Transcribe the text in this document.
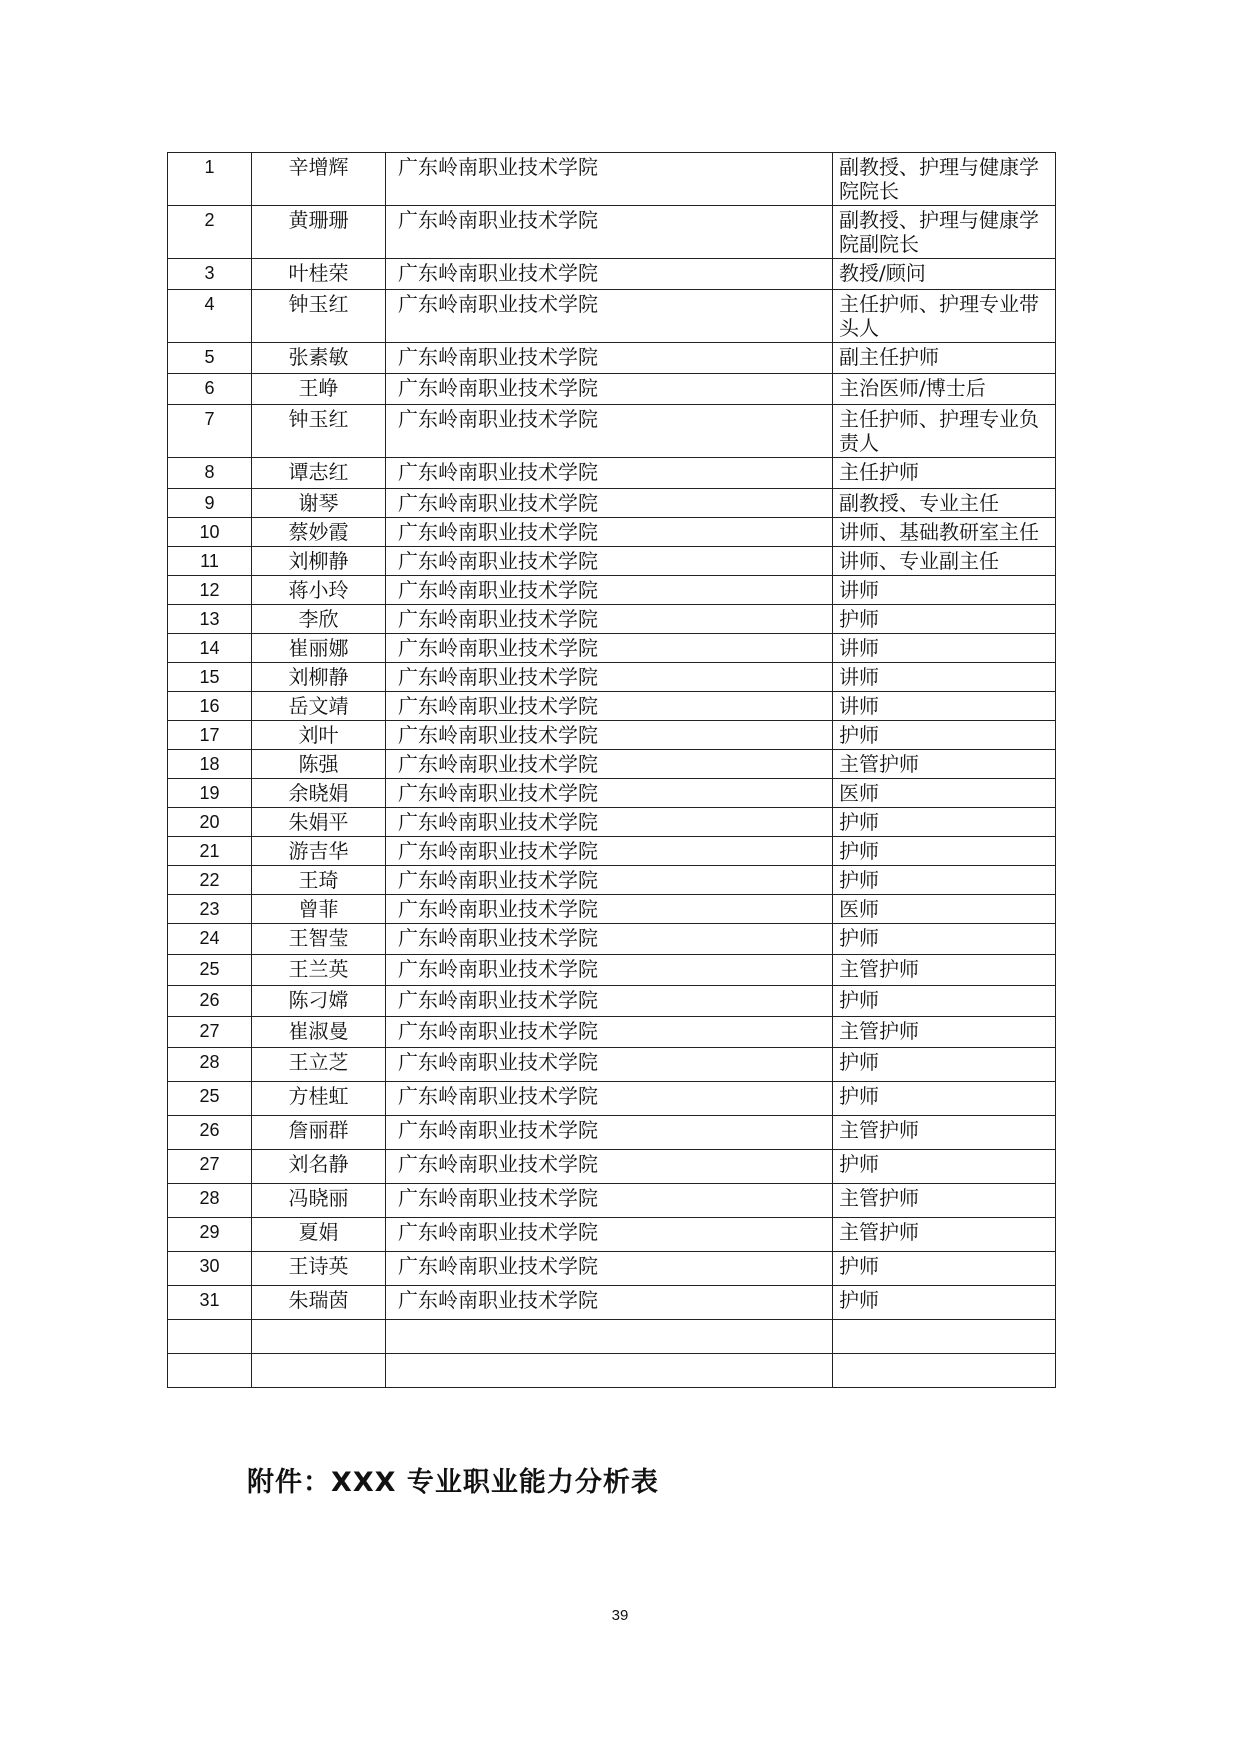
1	辛增辉	广东岭南职业技术学院	副教授、护理与健康学院院长
2	黄珊珊	广东岭南职业技术学院	副教授、护理与健康学院副院长
3	叶桂荣	广东岭南职业技术学院	教授/顾问
4	钟玉红	广东岭南职业技术学院	主任护师、护理专业带头人
5	张素敏	广东岭南职业技术学院	副主任护师
6	王峥	广东岭南职业技术学院	主治医师/博士后
7	钟玉红	广东岭南职业技术学院	主任护师、护理专业负责人
8	谭志红	广东岭南职业技术学院	主任护师
9	谢琴	广东岭南职业技术学院	副教授、专业主任
10	蔡妙霞	广东岭南职业技术学院	讲师、基础教研室主任
11	刘柳静	广东岭南职业技术学院	讲师、专业副主任
12	蒋小玲	广东岭南职业技术学院	讲师
13	李欣	广东岭南职业技术学院	护师
14	崔丽娜	广东岭南职业技术学院	讲师
15	刘柳静	广东岭南职业技术学院	讲师
16	岳文靖	广东岭南职业技术学院	讲师
17	刘叶	广东岭南职业技术学院	护师
18	陈强	广东岭南职业技术学院	主管护师
19	余晓娟	广东岭南职业技术学院	医师
20	朱娟平	广东岭南职业技术学院	护师
21	游吉华	广东岭南职业技术学院	护师
22	王琦	广东岭南职业技术学院	护师
23	曾菲	广东岭南职业技术学院	医师
24	王智莹	广东岭南职业技术学院	护师
25	王兰英	广东岭南职业技术学院	主管护师
26	陈刁嫦	广东岭南职业技术学院	护师
27	崔淑曼	广东岭南职业技术学院	主管护师
28	王立芝	广东岭南职业技术学院	护师
25	方桂虹	广东岭南职业技术学院	护师
26	詹丽群	广东岭南职业技术学院	主管护师
27	刘名静	广东岭南职业技术学院	护师
28	冯晓丽	广东岭南职业技术学院	主管护师
29	夏娟	广东岭南职业技术学院	主管护师
30	王诗英	广东岭南职业技术学院	护师
31	朱瑞茵	广东岭南职业技术学院	护师

附件：XXX 专业职业能力分析表
39
